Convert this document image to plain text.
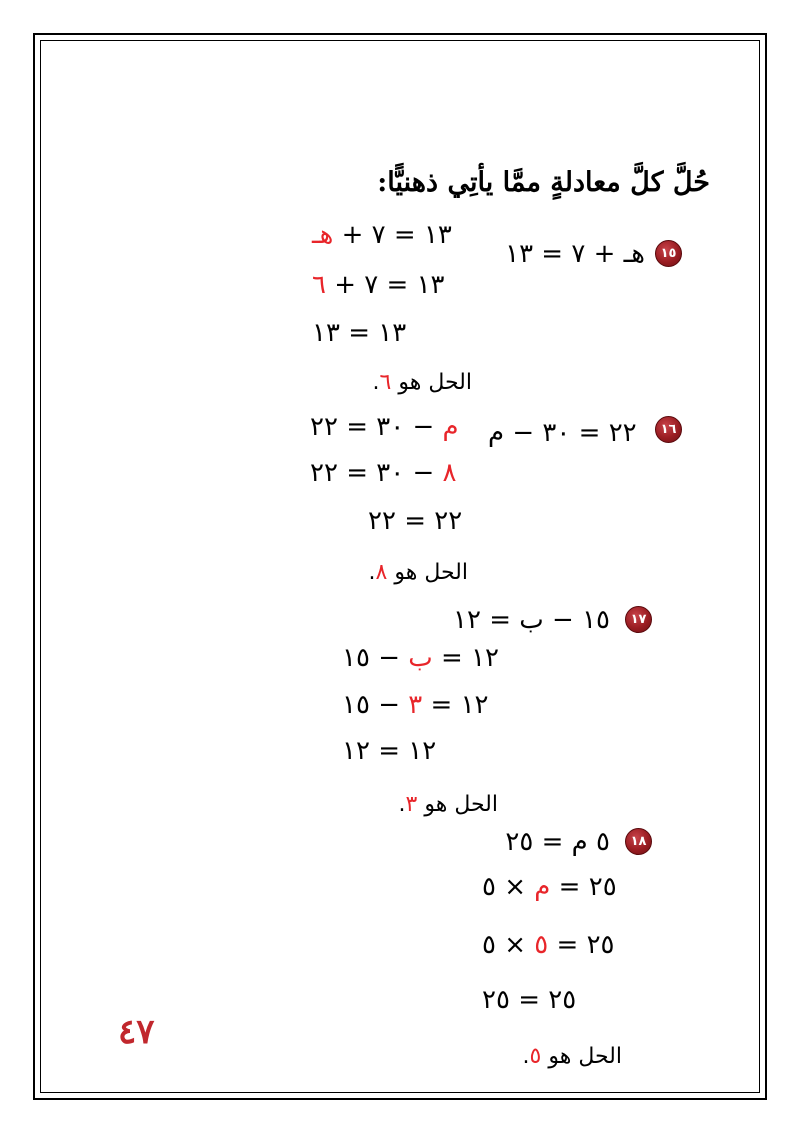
حُلَّ كلَّ معادلةٍ ممَّا يأتِي ذهنيًّا:
١٥
هـ + ٧ = ١٣
١٣ = ٧ + هـ
١٣ = ٧ + ٦
١٣ = ١٣
الحل هو ٦.
١٦
٢٢ = ٣٠ − م
م − ٣٠ = ٢٢
٨ − ٣٠ = ٢٢
٢٢ = ٢٢
الحل هو ٨.
١٧
١٥ − ب = ١٢
١٢ = ب − ١٥
١٢ = ٣ − ١٥
١٢ = ١٢
الحل هو ٣.
١٨
٥ م = ٢٥
٢٥ = م × ٥
٢٥ = ٥ × ٥
٢٥ = ٢٥
الحل هو ٥.
٤٧
